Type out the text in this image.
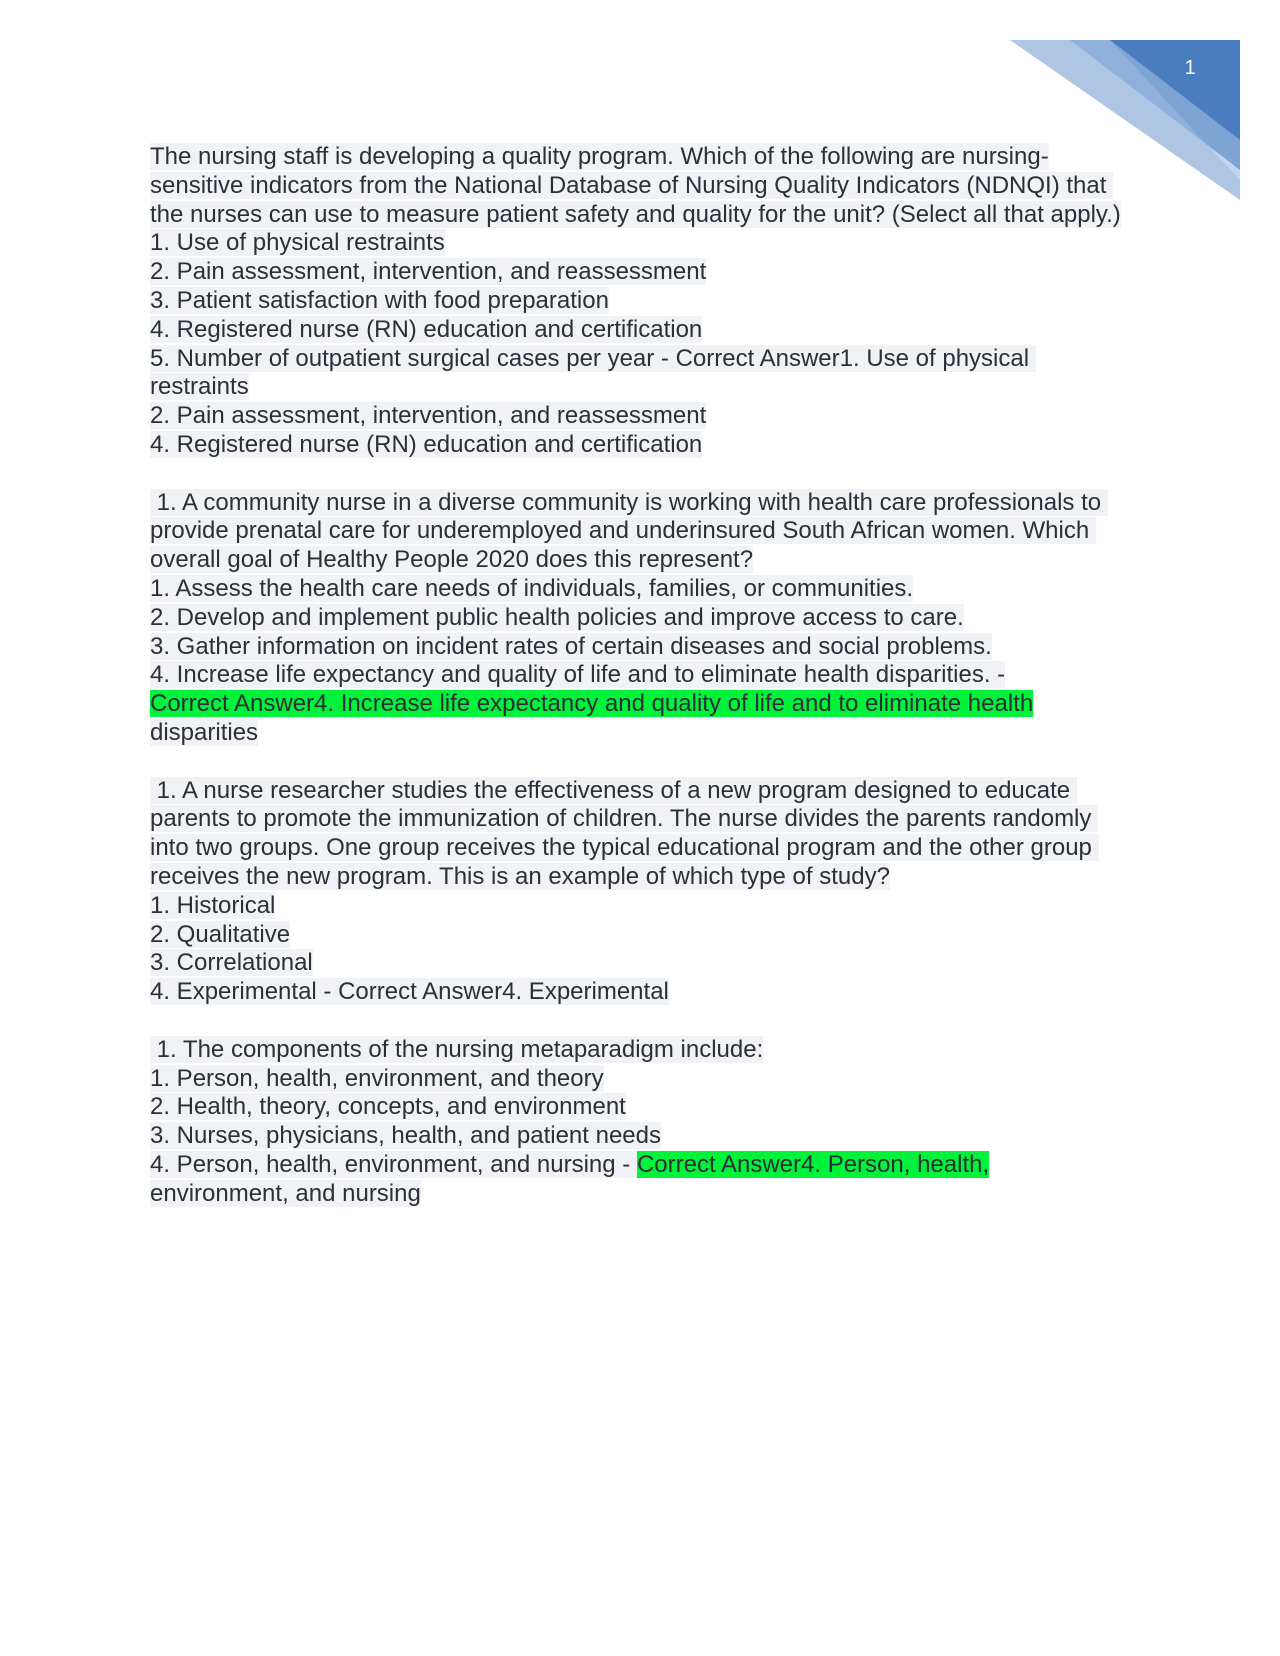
1

The nursing staff is developing a quality program. Which of the following are nursing-sensitive indicators from the National Database of Nursing Quality Indicators (NDNQI) that the nurses can use to measure patient safety and quality for the unit? (Select all that apply.)

1. Use of physical restraints

2. Pain assessment, intervention, and reassessment

3. Patient satisfaction with food preparation

4. Registered nurse (RN) education and certification

5. Number of outpatient surgical cases per year - Correct Answer1. Use of physical restraints

2. Pain assessment, intervention, and reassessment

4. Registered nurse (RN) education and certification

1. A community nurse in a diverse community is working with health care professionals to provide prenatal care for underemployed and underinsured South African women. Which overall goal of Healthy People 2020 does this represent?

1. Assess the health care needs of individuals, families, or communities.

2. Develop and implement public health policies and improve access to care.

3. Gather information on incident rates of certain diseases and social problems.

4. Increase life expectancy and quality of life and to eliminate health disparities. -

Correct Answer4. Increase life expectancy and quality of life and to eliminate health

disparities

1. A nurse researcher studies the effectiveness of a new program designed to educate parents to promote the immunization of children. The nurse divides the parents randomly into two groups. One group receives the typical educational program and the other group receives the new program. This is an example of which type of study?

1. Historical

2. Qualitative

3. Correlational

4. Experimental - Correct Answer4. Experimental

1. The components of the nursing metaparadigm include:

1. Person, health, environment, and theory

2. Health, theory, concepts, and environment

3. Nurses, physicians, health, and patient needs

4. Person, health, environment, and nursing - Correct Answer4. Person, health,

environment, and nursing
